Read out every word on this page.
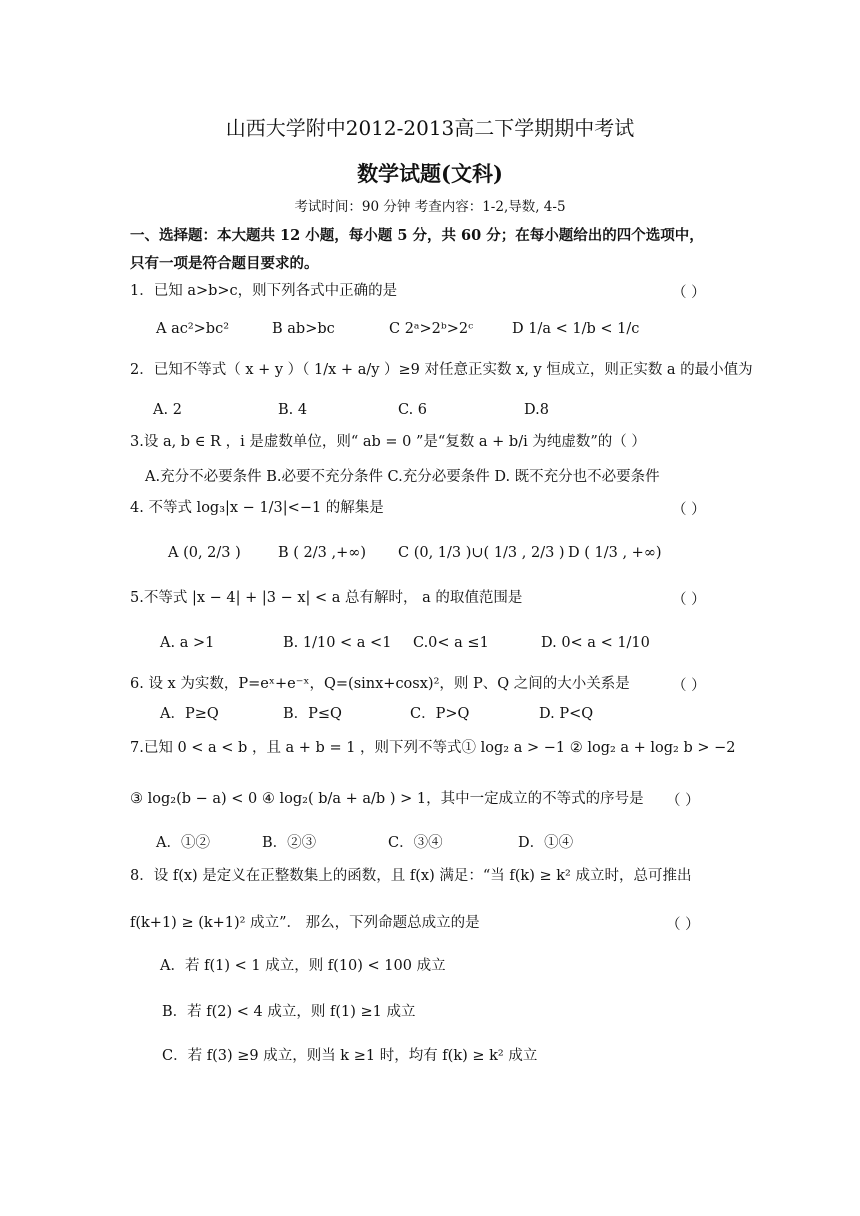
山西大学附中2012-2013高二下学期期中考试
数学试题(文科)
考试时间：90 分钟 考查内容：1-2,导数, 4-5
一、选择题：本大题共 12 小题，每小题 5 分，共 60 分；在每小题给出的四个选项中，
只有一项是符合题目要求的。
1．已知 a>b>c，则下列各式中正确的是	（ ）
A ac²>bc²	B ab>bc	C 2ᵃ>2ᵇ>2ᶜ	D 1/a < 1/b < 1/c
2．已知不等式（ x + y ）（ 1/x + a/y ）≥9 对任意正实数 x, y 恒成立，则正实数 a 的最小值为
A. 2	B. 4	C. 6	D.8
3.设 a, b ∈ R ，i 是虚数单位，则“ ab = 0 ”是“复数 a + b/i 为纯虚数”的（ ）
A.充分不必要条件 B.必要不充分条件 C.充分必要条件 D. 既不充分也不必要条件
4. 不等式 log₃|x − 1/3|<−1 的解集是	（ ）
A (0, 2/3 )	B ( 2/3 ,+∞) C (0, 1/3 )∪( 1/3 , 2/3 ) D ( 1/3 , +∞)
5.不等式 |x − 4| + |3 − x| < a 总有解时， a 的取值范围是	（ ）
A. a >1	B. 1/10 < a <1 C.0< a ≤1	D. 0< a < 1/10
6. 设 x 为实数，P=eˣ+e⁻ˣ，Q=(sinx+cosx)²，则 P、Q 之间的大小关系是	（ ）
A．P≥Q	B．P≤Q	C．P>Q	D. P<Q
7.已知 0 < a < b ，且 a + b = 1 ，则下列不等式① log₂ a > −1 ② log₂ a + log₂ b > −2
③ log₂(b − a) < 0 ④ log₂( b/a + a/b ) > 1，其中一定成立的不等式的序号是 （ ）
A．①②	B．②③	C．③④	D．①④
8．设 f(x) 是定义在正整数集上的函数，且 f(x) 满足：“当 f(k) ≥ k² 成立时，总可推出
f(k+1) ≥ (k+1)² 成立”． 那么，下列命题总成立的是	（ ）
A．若 f(1) < 1 成立，则 f(10) < 100 成立
B．若 f(2) < 4 成立，则 f(1) ≥1 成立
C．若 f(3) ≥9 成立，则当 k ≥1 时，均有 f(k) ≥ k² 成立
